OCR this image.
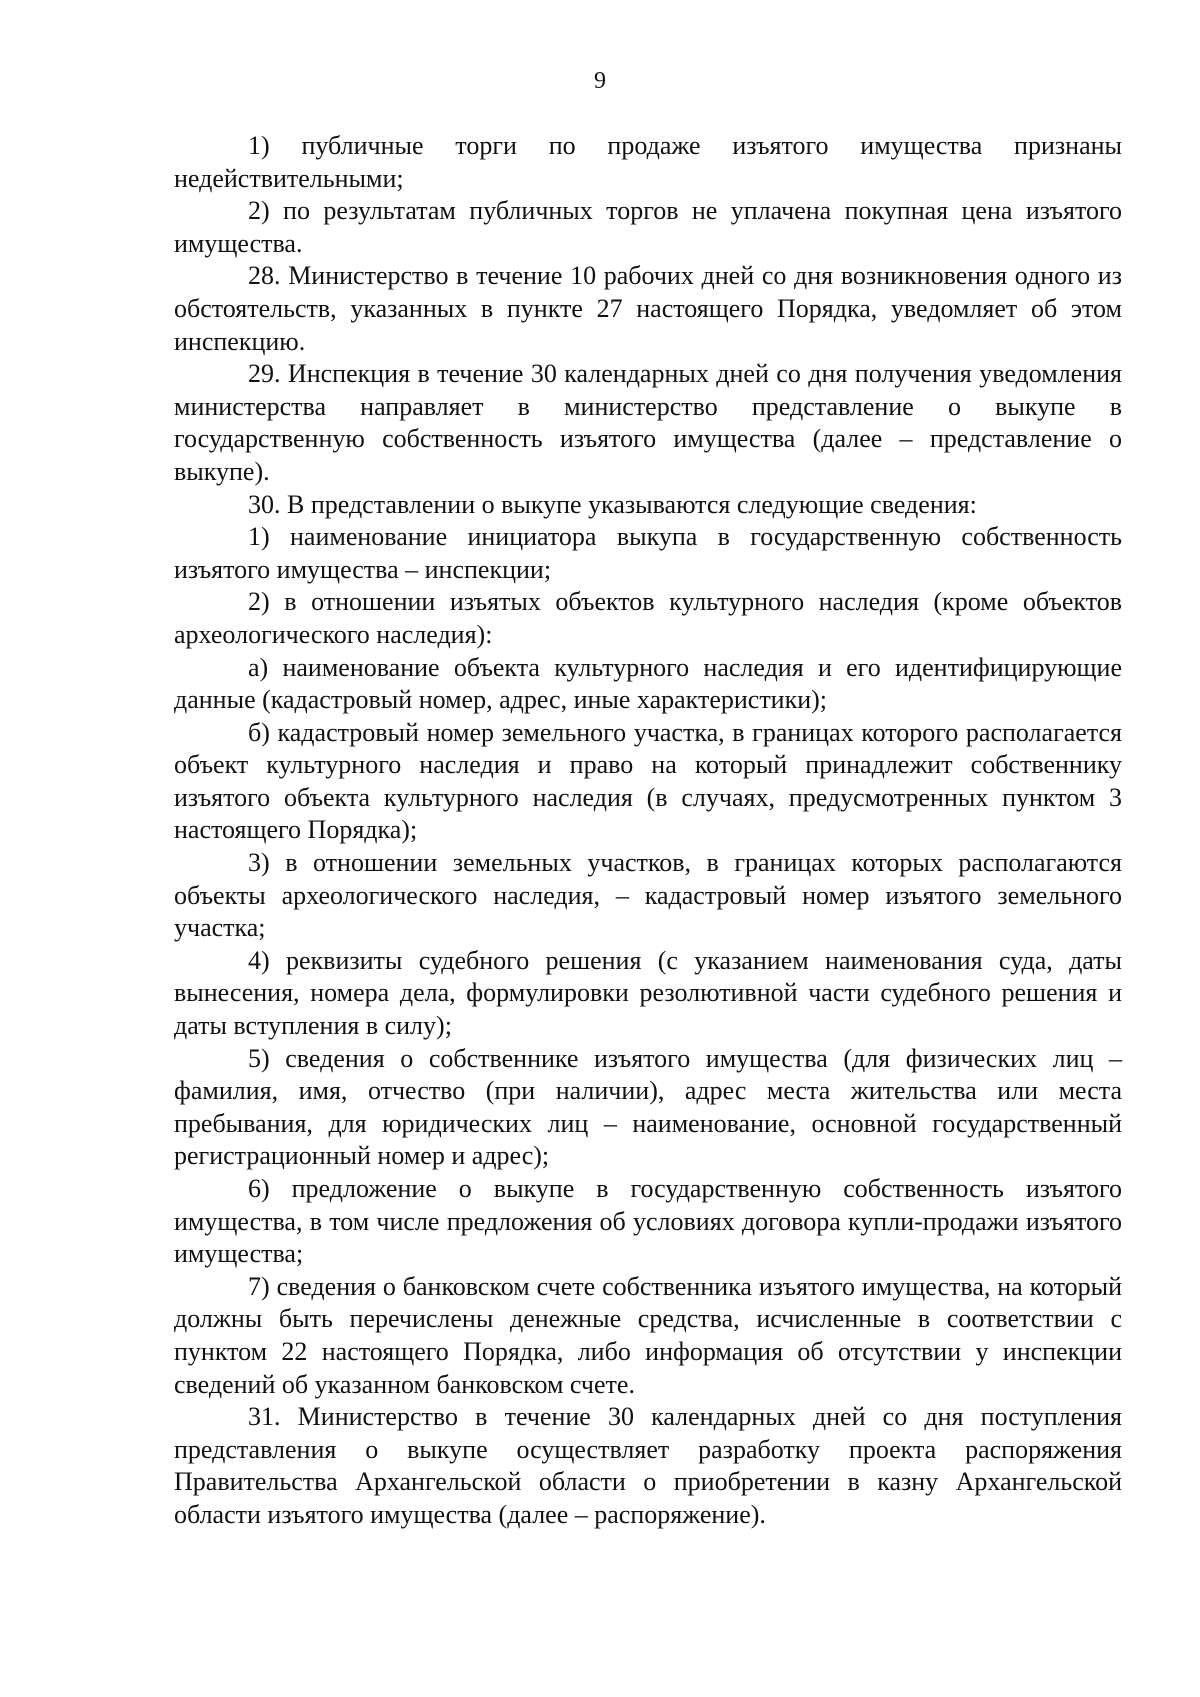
9

1) публичные торги по продаже изъятого имущества признаны недействительными;

2) по результатам публичных торгов не уплачена покупная цена изъятого имущества.

28. Министерство в течение 10 рабочих дней со дня возникновения одного из обстоятельств, указанных в пункте 27 настоящего Порядка, уведомляет об этом инспекцию.

29. Инспекция в течение 30 календарных дней со дня получения уведомления министерства направляет в министерство представление о выкупе в государственную собственность изъятого имущества (далее – представление о выкупе).

30. В представлении о выкупе указываются следующие сведения:

1) наименование инициатора выкупа в государственную собственность изъятого имущества – инспекции;

2) в отношении изъятых объектов культурного наследия (кроме объектов археологического наследия):

а) наименование объекта культурного наследия и его идентифицирующие данные (кадастровый номер, адрес, иные характеристики);

б) кадастровый номер земельного участка, в границах которого располагается объект культурного наследия и право на который принадлежит собственнику изъятого объекта культурного наследия (в случаях, предусмотренных пунктом 3 настоящего Порядка);

3) в отношении земельных участков, в границах которых располагаются объекты археологического наследия, – кадастровый номер изъятого земельного участка;

4) реквизиты судебного решения (с указанием наименования суда, даты вынесения, номера дела, формулировки резолютивной части судебного решения и даты вступления в силу);

5) сведения о собственнике изъятого имущества (для физических лиц – фамилия, имя, отчество (при наличии), адрес места жительства или места пребывания, для юридических лиц – наименование, основной государственный регистрационный номер и адрес);

6) предложение о выкупе в государственную собственность изъятого имущества, в том числе предложения об условиях договора купли-продажи изъятого имущества;

7) сведения о банковском счете собственника изъятого имущества, на который должны быть перечислены денежные средства, исчисленные в соответствии с пунктом 22 настоящего Порядка, либо информация об отсутствии у инспекции сведений об указанном банковском счете.

31. Министерство в течение 30 календарных дней со дня поступления представления о выкупе осуществляет разработку проекта распоряжения Правительства Архангельской области о приобретении в казну Архангельской области изъятого имущества (далее – распоряжение).
